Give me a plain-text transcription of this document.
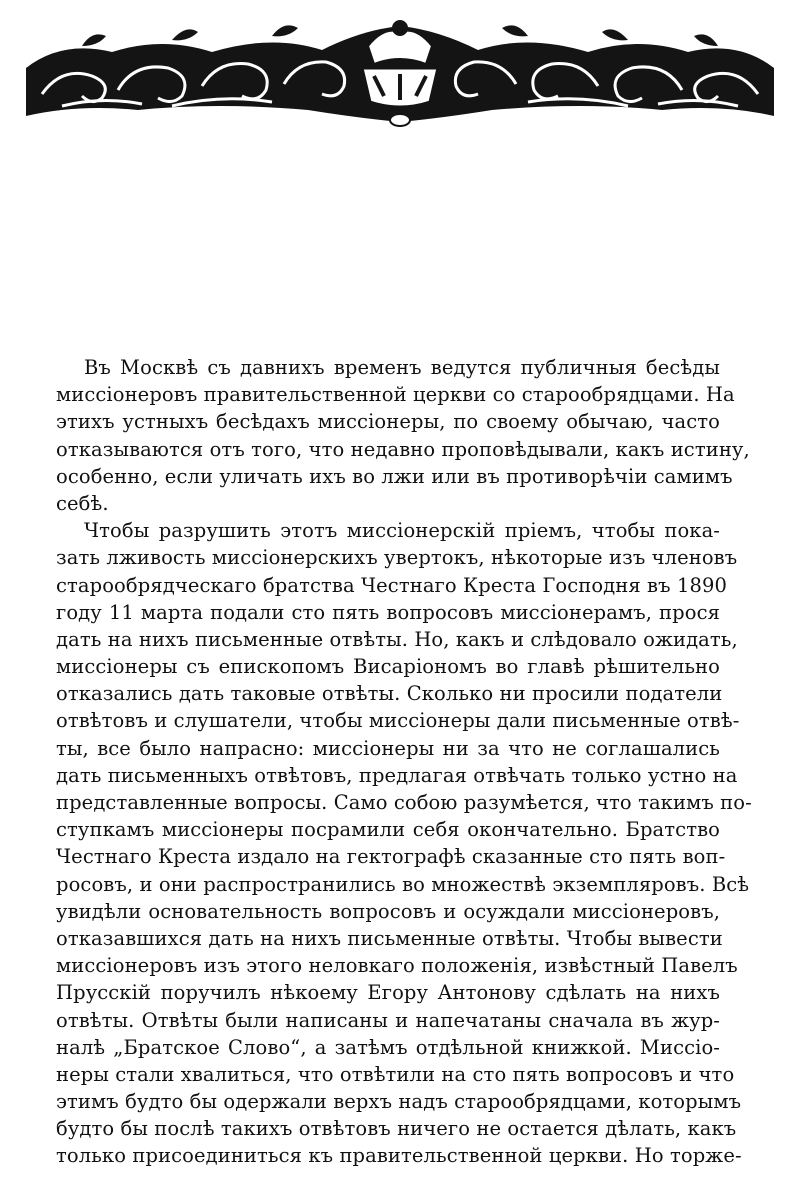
Въ Москвѣ съ давнихъ временъ ведутся публичныя бесѣды
миссіонеровъ правительственной церкви со старообрядцами. На
этихъ устныхъ бесѣдахъ миссіонеры, по своему обычаю, часто
отказываются отъ того, что недавно проповѣдывали, какъ истину,
особенно, если уличать ихъ во лжи или въ противорѣчіи самимъ
себѣ.
Чтобы разрушить этотъ миссіонерскій пріемъ, чтобы пока-
зать лживость миссіонерскихъ увертокъ, нѣкоторые изъ членовъ
старообрядческаго братства Честнаго Креста Господня въ 1890
году 11 марта подали сто пять вопросовъ миссіонерамъ, прося
дать на нихъ письменные отвѣты. Но, какъ и слѣдовало ожидать,
миссіонеры съ епископомъ Висаріономъ во главѣ рѣшительно
отказались дать таковые отвѣты. Сколько ни просили податели
отвѣтовъ и слушатели, чтобы миссіонеры дали письменные отвѣ-
ты, все было напрасно: миссіонеры ни за что не соглашались
дать письменныхъ отвѣтовъ, предлагая отвѣчать только устно на
представленные вопросы. Само собою разумѣется, что такимъ по-
ступкамъ миссіонеры посрамили себя окончательно. Братство
Честнаго Креста издало на гектографѣ сказанные сто пять воп-
росовъ, и они распространились во множествѣ экземпляровъ. Всѣ
увидѣли основательность вопросовъ и осуждали миссіонеровъ,
отказавшихся дать на нихъ письменные отвѣты. Чтобы вывести
миссіонеровъ изъ этого неловкаго положенія, извѣстный Павелъ
Прусскій поручилъ нѣкоему Егору Антонову сдѣлать на нихъ
отвѣты. Отвѣты были написаны и напечатаны сначала въ жур-
налѣ „Братское Слово“, а затѣмъ отдѣльной книжкой. Миссіо-
неры стали хвалиться, что отвѣтили на сто пять вопросовъ и что
этимъ будто бы одержали верхъ надъ старообрядцами, которымъ
будто бы послѣ такихъ отвѣтовъ ничего не остается дѣлать, какъ
только присоединиться къ правительственной церкви. Но торже-
